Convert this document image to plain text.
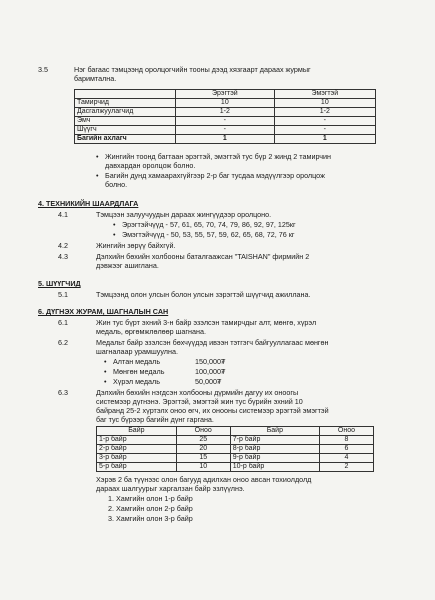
3.5	Нэг багаас тэмцээнд оролцогчийн тооны дээд хязгаарт дараах журмыг
баримтална.
	Эрэгтэй	Эмэгтэй
Тамирчид	10	10
Дасгалжуулагчид	1-2	1-2
Эмч	-	-
Шүүгч	-	-
Багийн ахлагч	1	1
• Жингийн тоонд багтаан эрэгтэй, эмэгтэй тус бүр 2 жинд 2 тамирчин
давхардан оролцож болно.
• Багийн дунд хамаарахгүйгээр 2-р баг тусдаа мэдүүлгээр оролцож
болно.
4. ТЕХНИКИЙН ШААРДЛАГА
4.1	Тэмцээн залуучуудын дараах жингүүдээр оролцоно.
• Эрэгтэйчүүд - 57, 61, 65, 70, 74, 79, 86, 92, 97, 125кг
• Эмэгтэйчүүд - 50, 53, 55, 57, 59, 62, 65, 68, 72, 76 кг
4.2	Жингийн зөрүү байхгүй.
4.3	Дэлхийн бөхийн холбооны баталгаажсан "TAISHAN" фирмийн 2
дэвжээг ашиглана.
5. ШҮҮГЧИД
5.1	Тэмцээнд олон улсын болон улсын зэрэгтэй шүүгчид ажиллана.
6. ДҮГНЭХ ЖУРАМ, ШАГНАЛЫН САН
6.1	Жин тус бүрт эхний 3-н байр эзэлсэн тамирчдыг алт, мөнгө, хүрэл
медаль, өргөмжлөлөөр шагнана.
6.2	Медальт байр эзэлсэн бөхчүүдэд ивээн тэтгэгч байгууллагаас мөнгөн
шагналаар урамшуулна.
• Алтан медаль	150,000₮
• Мөнгөн медаль	100,000₮
• Хүрэл медаль	50,000₮
6.3	Дэлхийн бөхийн нэгдсэн холбооны дүрмийн дагуу их оноогы
системээр дүгнэнэ. Эрэгтэй, эмэгтэй жин тус бүрийн эхний 10
байранд 25-2 хүртэлх оноо өгч, их онооны системээр эрэгтэй эмэгтэй
баг тус бүрээр багийн дүнг гаргана.
Байр	Оноо	Байр	Оноо
1-р байр	25	7-р байр	8
2-р байр	20	8-р байр	6
3-р байр	15	9-р байр	4
5-р байр	10	10-р байр	2
Хэрэв 2 ба түүнээс олон багууд адилхан оноо авсан тохиолдолд
дараах шалгуурыг харгалзан байр эзлүүлнэ.
1. Хамгийн олон 1-р байр
2. Хамгийн олон 2-р байр
3. Хамгийн олон 3-р байр
